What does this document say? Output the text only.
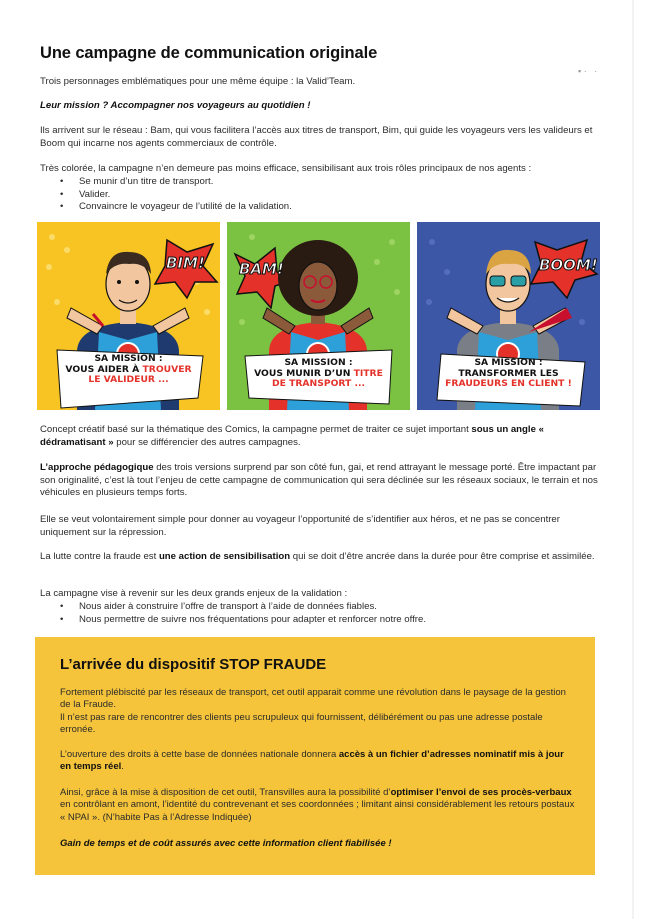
▪ ·   ·
Une campagne de communication originale

Trois personnages emblématiques pour une même équipe : la Valid’Team.

Leur mission ? Accompagner nos voyageurs au quotidien !

Ils arrivent sur le réseau : Bam, qui vous facilitera l’accès aux titres de transport, Bim, qui guide les voyageurs vers les valideurs et Boom qui incarne nos agents commerciaux de contrôle.

Très colorée, la campagne n’en demeure pas moins efficace, sensibilisant aux trois rôles principaux de nos agents :

• Se munir d’un titre de transport.
• Valider.
• Convaincre le voyageur de l’utilité de la validation.
BIM!
SA MISSION :
VOUS AIDER À TROUVER
LE VALIDEUR ...
BAM!
SA MISSION :
VOUS MUNIR D’UN TITRE
DE TRANSPORT ...
BOOM!
SA MISSION :
TRANSFORMER LES
FRAUDEURS EN CLIENT !

Concept créatif basé sur la thématique des Comics, la campagne permet de traiter ce sujet important sous un angle « dédramatisant » pour se différencier des autres campagnes.

L’approche pédagogique des trois versions surprend par son côté fun, gai, et rend attrayant le message porté. Être impactant par son originalité, c’est là tout l’enjeu de cette campagne de communication qui sera déclinée sur les réseaux sociaux, le terrain et nos véhicules en plusieurs temps forts.

Elle se veut volontairement simple pour donner au voyageur l’opportunité de s’identifier aux héros, et ne pas se concentrer uniquement sur la répression.

La lutte contre la fraude est une action de sensibilisation qui se doit d’être ancrée dans la durée pour être comprise et assimilée.

La campagne vise à revenir sur les deux grands enjeux de la validation :

• Nous aider à construire l’offre de transport à l’aide de données fiables.
• Nous permettre de suivre nos fréquentations pour adapter et renforcer notre offre.
L’arrivée du dispositif STOP FRAUDE

Fortement plébiscité par les réseaux de transport, cet outil apparait comme une révolution dans le paysage de la gestion de la Fraude.

Il n’est pas rare de rencontrer des clients peu scrupuleux qui fournissent, délibérément ou pas une adresse postale erronée.

L’ouverture des droits à cette base de données nationale donnera accès à un fichier d’adresses nominatif mis à jour en temps réel.

Ainsi, grâce à la mise à disposition de cet outil, Transvilles aura la possibilité d’optimiser l’envoi de ses procès-verbaux en contrôlant en amont, l’identité du contrevenant et ses coordonnées ; limitant ainsi considérablement les retours postaux « NPAI ». (N’habite Pas à l’Adresse Indiquée)

Gain de temps et de coût assurés avec cette information client fiabilisée !
